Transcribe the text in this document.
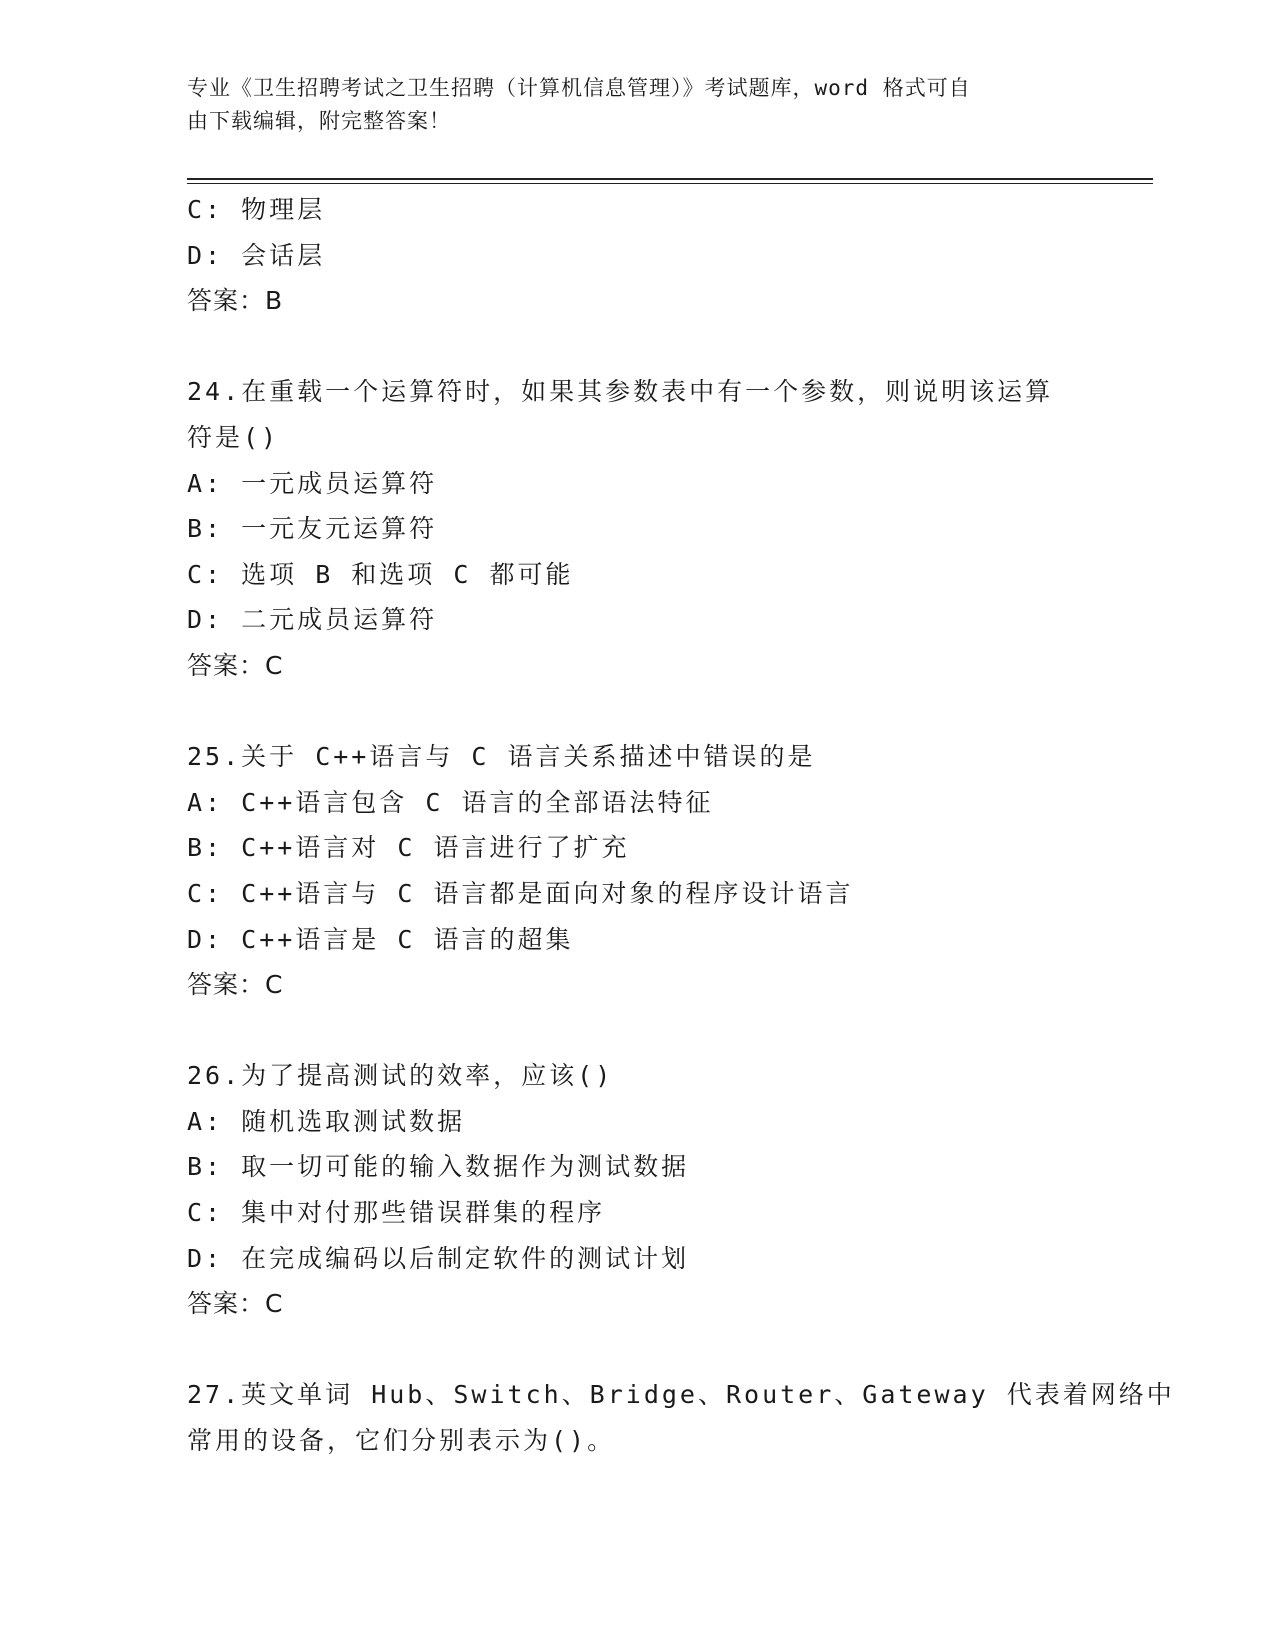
专业《卫生招聘考试之卫生招聘（计算机信息管理）》考试题库，word 格式可自
由下载编辑，附完整答案！
C: 物理层
D: 会话层
答案：B
24.在重载一个运算符时，如果其参数表中有一个参数，则说明该运算
符是()
A: 一元成员运算符
B: 一元友元运算符
C: 选项 B 和选项 C 都可能
D: 二元成员运算符
答案：C
25.关于 C++语言与 C 语言关系描述中错误的是
A: C++语言包含 C 语言的全部语法特征
B: C++语言对 C 语言进行了扩充
C: C++语言与 C 语言都是面向对象的程序设计语言
D: C++语言是 C 语言的超集
答案：C
26.为了提高测试的效率，应该()
A: 随机选取测试数据
B: 取一切可能的输入数据作为测试数据
C: 集中对付那些错误群集的程序
D: 在完成编码以后制定软件的测试计划
答案：C
27.英文单词 Hub、Switch、Bridge、Router、Gateway 代表着网络中
常用的设备，它们分别表示为()。
